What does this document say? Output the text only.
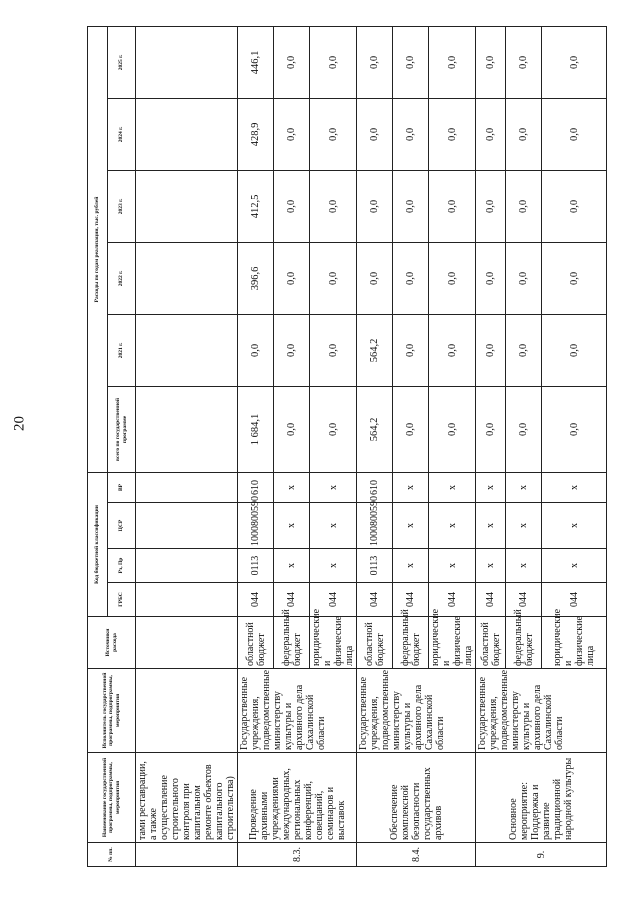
20
№ пп.	Наименование государственной программы, подпрограммы, мероприятия	Исполнитель государственной программы, подпрограммы, мероприятия	Источники расхода	Код бюджетной классификации				Расходы по годам реализации, тыс. рублей					
				ГРБС	Рз, Пр	ЦСР	ВР	всего по государственной программе	2021 г.	2022 г.	2023 г.	2024 г.	2025 г.
	тами реставрации, а также осуществление строительного контроля при капитальном ремонте объектов капитального строительства)												
8.3.	Проведение архивными учреждениями международных, региональных конференций, совещаний, семинаров и выставок	Государственные учреждения, подведомственные министерству культуры и архивного дела Сахалинской области	областной бюджет	044	0113	1000800590	610	1 684,1	0,0	396,6	412,5	428,9	446,1
			федеральный бюджет	044	х	х	х	0,0	0,0	0,0	0,0	0,0	0,0
			юридические и физические лица	044	х	х	х	0,0	0,0	0,0	0,0	0,0	0,0
8.4.	Обеспечение комплексной безопасности государственных архивов	Государственные учреждения, подведомственные министерству культуры и архивного дела Сахалинской области	областной бюджет	044	0113	1000800590	610	564,2	564,2	0,0	0,0	0,0	0,0
			федеральный бюджет	044	х	х	х	0,0	0,0	0,0	0,0	0,0	0,0
			юридические и физические лица	044	х	х	х	0,0	0,0	0,0	0,0	0,0	0,0
9.	Основное мероприятие: Поддержка и развитие традиционной народной культуры	Государственные учреждения, подведомственные министерству культуры и архивного дела Сахалинской области	областной бюджет	044	х	х	х	0,0	0,0	0,0	0,0	0,0	0,0
			федеральный бюджет	044	х	х	х	0,0	0,0	0,0	0,0	0,0	0,0
			юридические и физические лица	044	х	х	х	0,0	0,0	0,0	0,0	0,0	0,0
